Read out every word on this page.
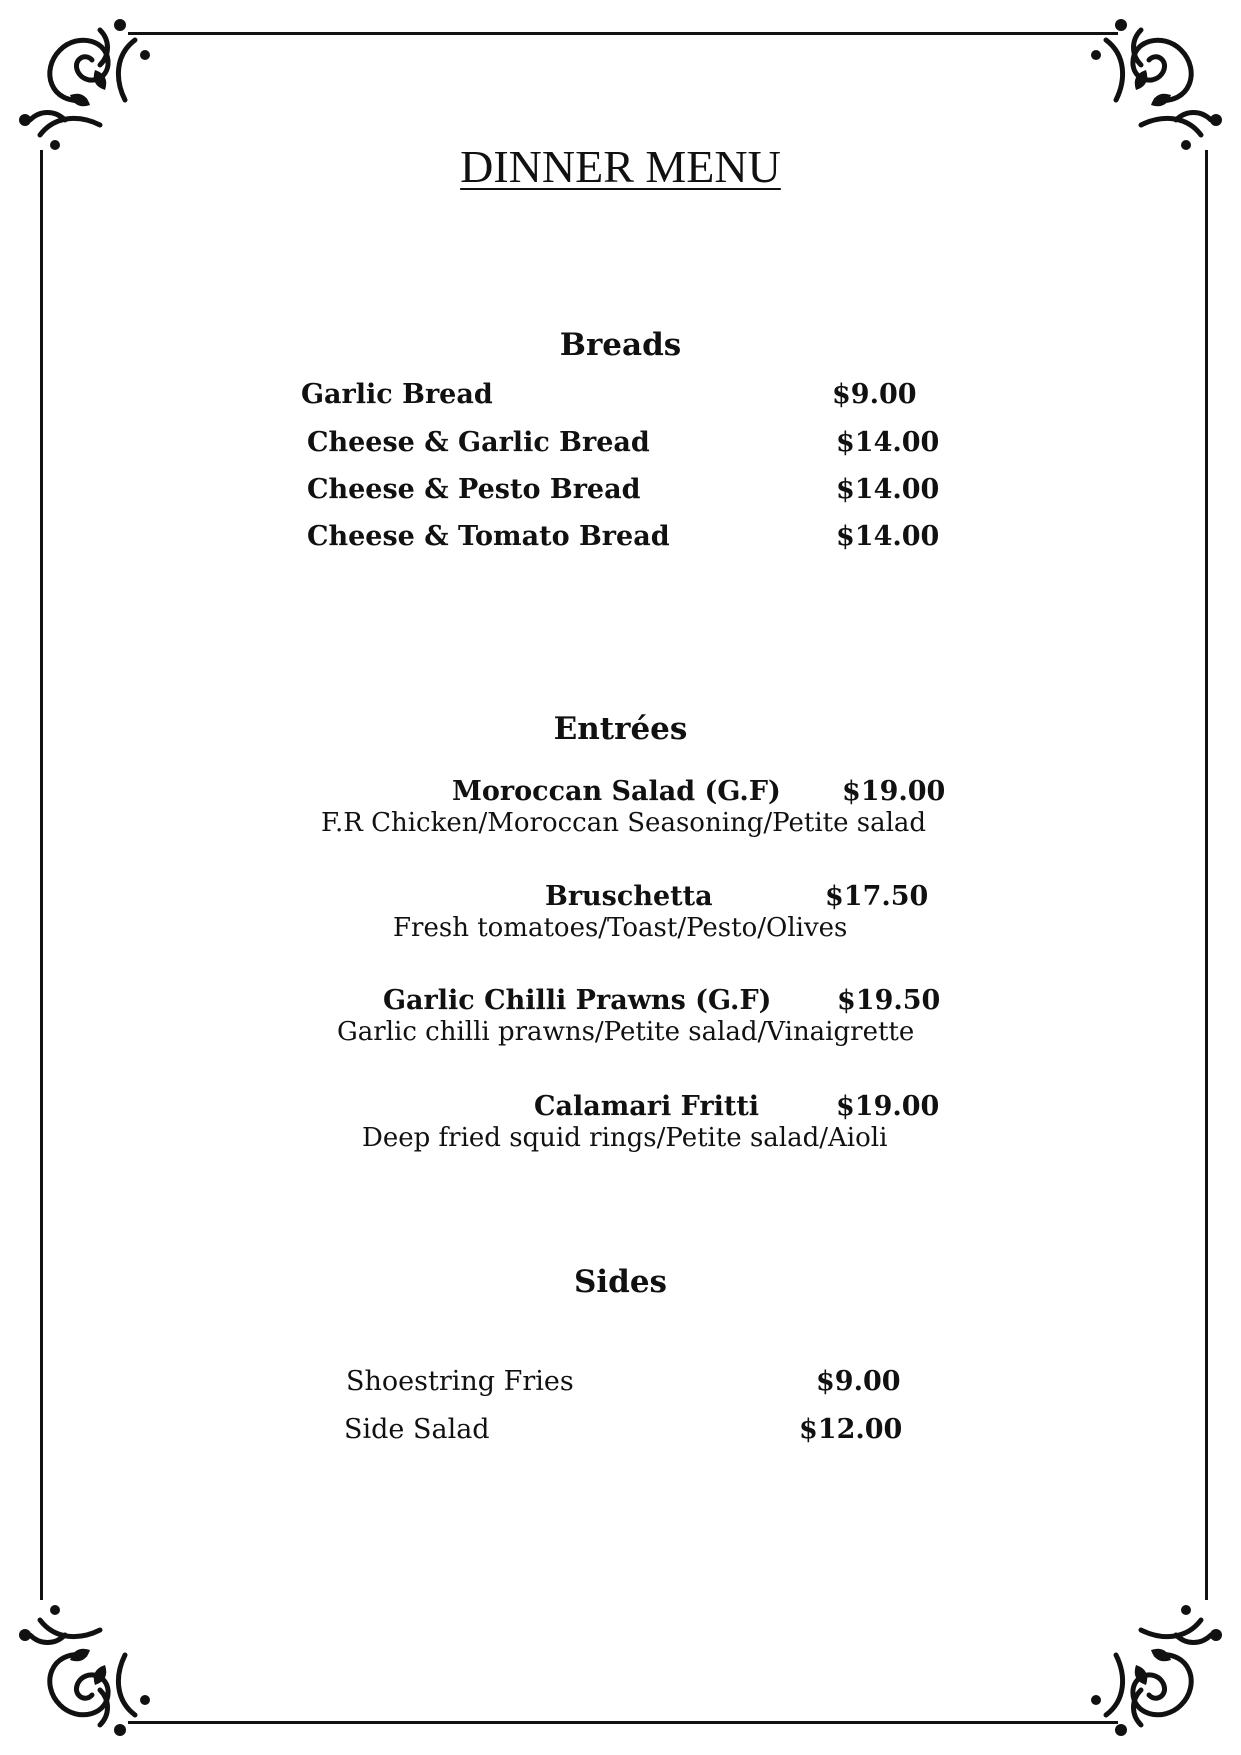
DINNER MENU
Breads
Garlic Bread	$9.00
Cheese & Garlic Bread	$14.00
Cheese & Pesto Bread	$14.00
Cheese & Tomato Bread	$14.00
Entrées
Moroccan Salad (G.F) $19.00
F.R Chicken/Moroccan Seasoning/Petite salad
Bruschetta	$17.50
Fresh tomatoes/Toast/Pesto/Olives
Garlic Chilli Prawns (G.F) $19.50
Garlic chilli prawns/Petite salad/Vinaigrette
Calamari Fritti	$19.00
Deep fried squid rings/Petite salad/Aioli
Sides
Shoestring Fries	$9.00
Side Salad	$12.00
